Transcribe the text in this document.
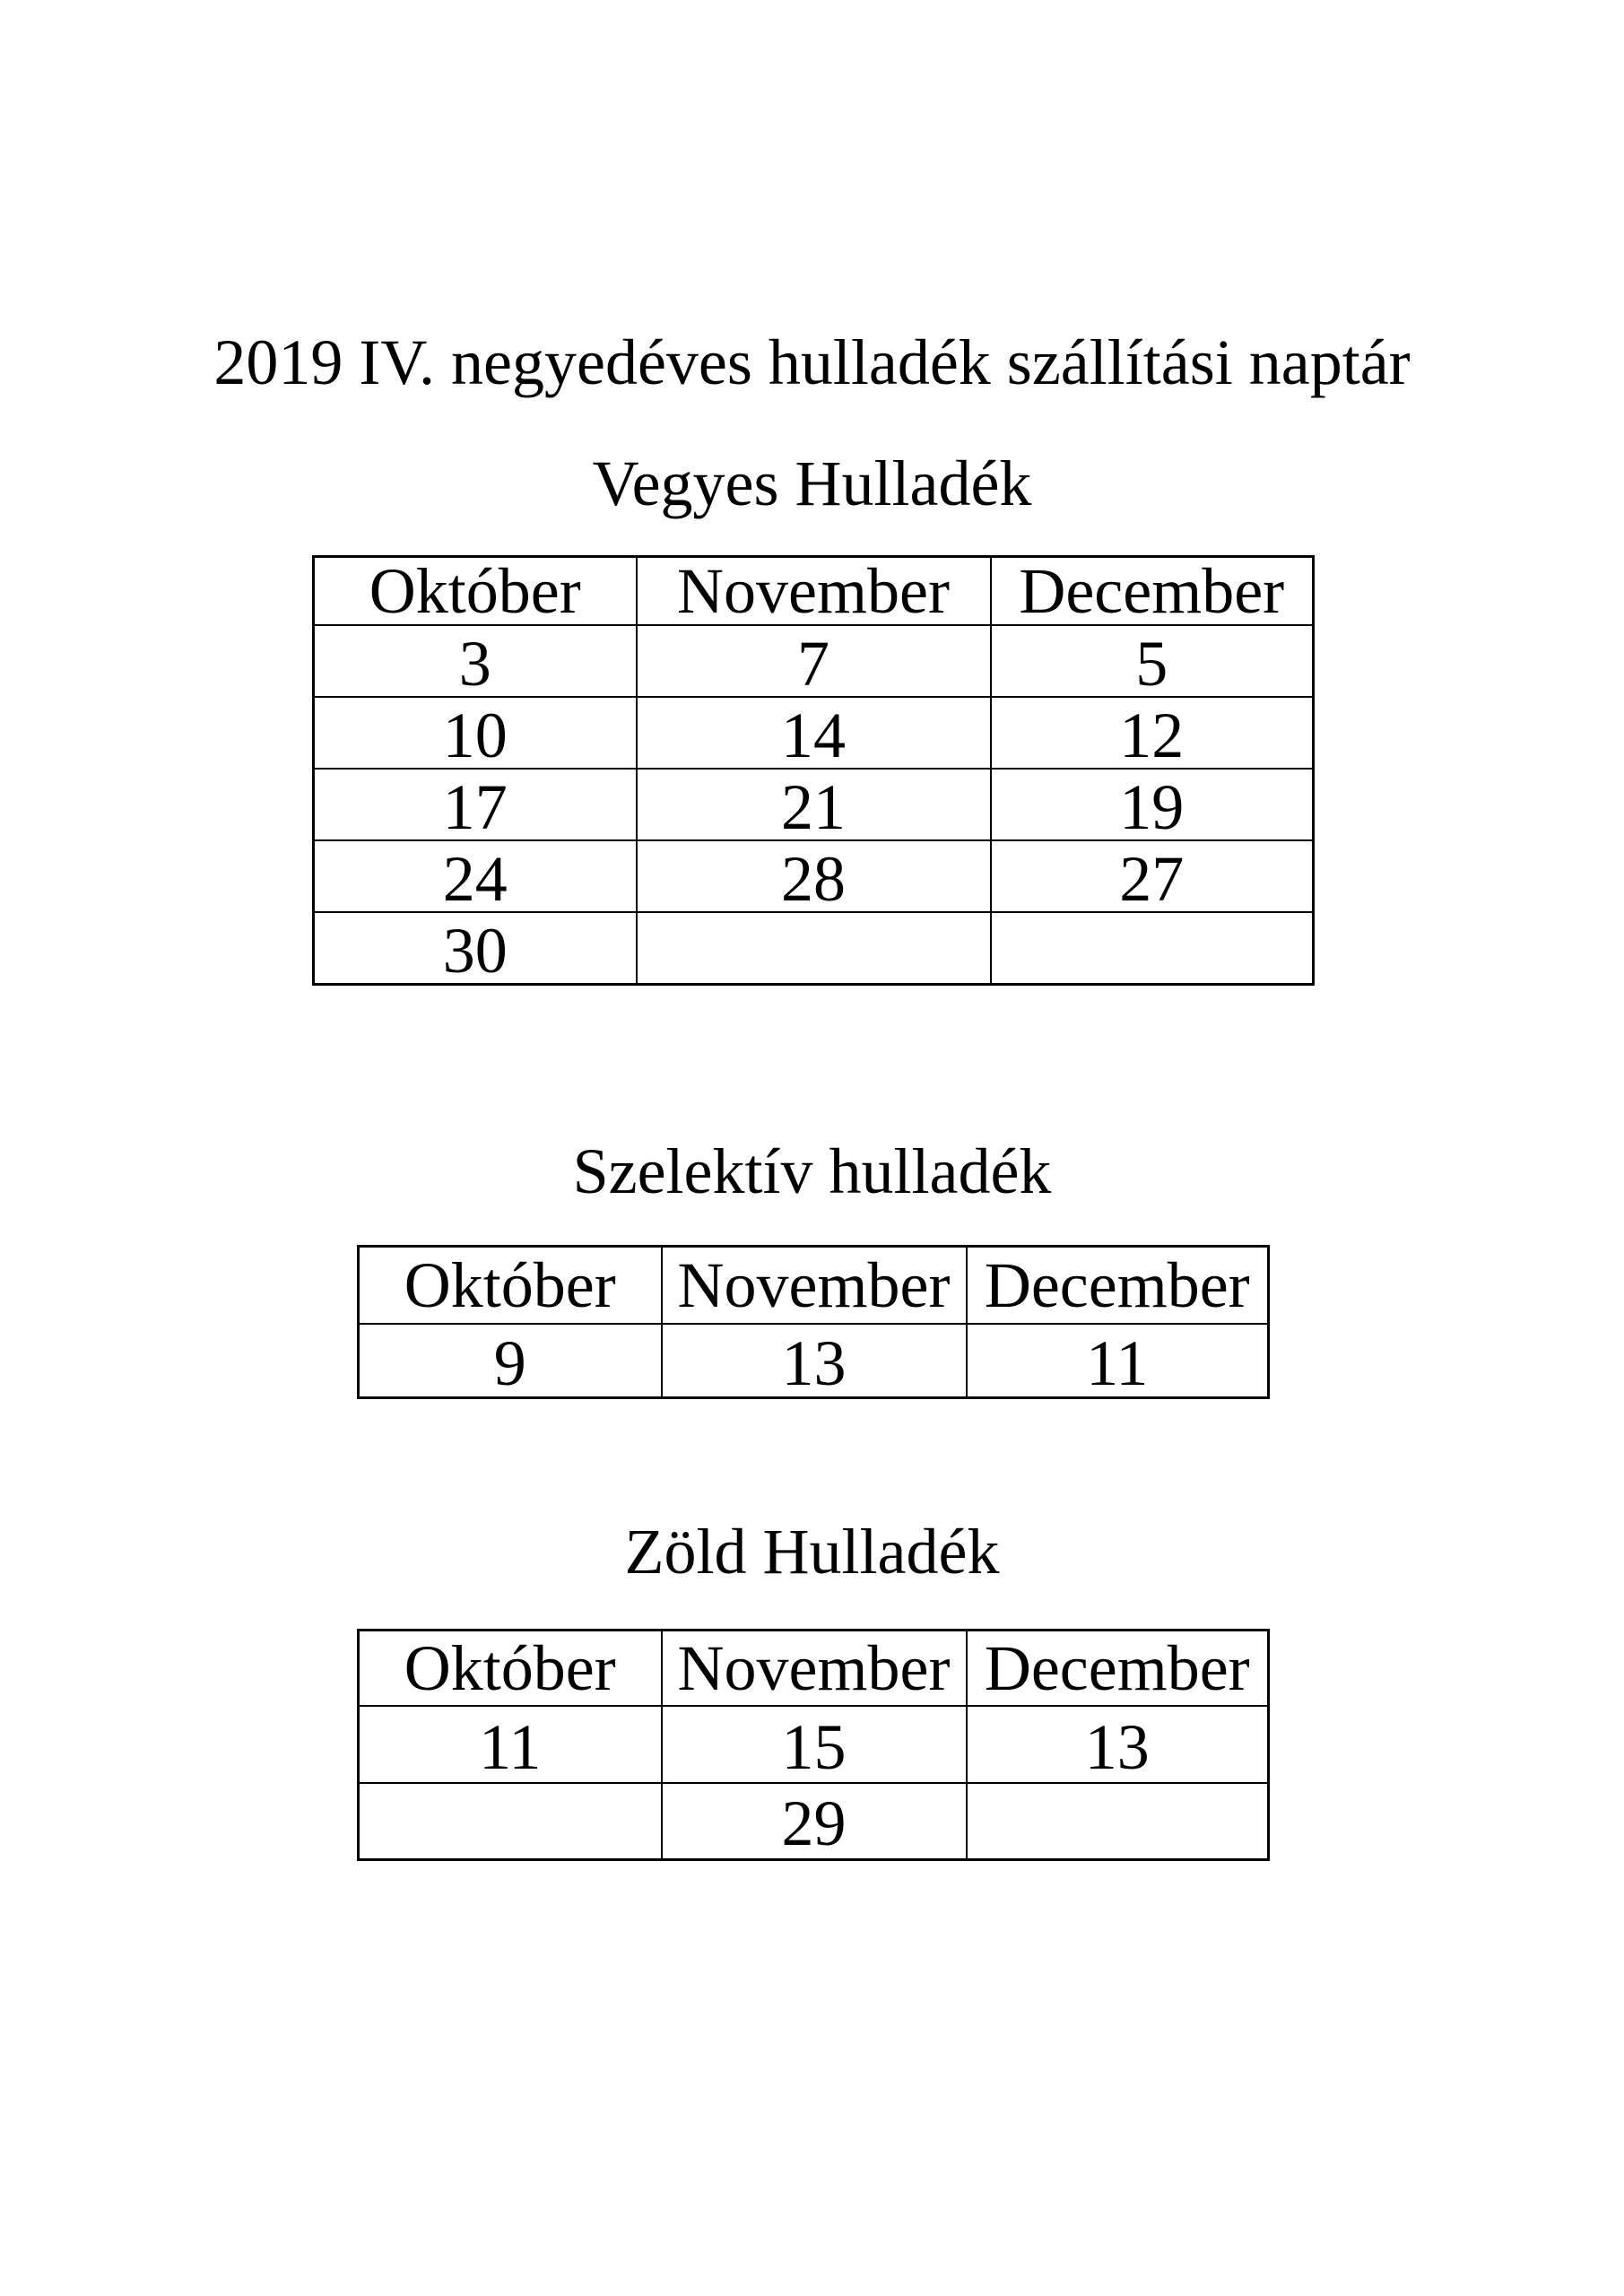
2019 IV. negyedéves hulladék szállítási naptár
Vegyes Hulladék
Október	November	December
3	7	5
10	14	12
17	21	19
24	28	27
30		
Szelektív hulladék
Október	November	December
9	13	11
Zöld Hulladék
Október	November	December
11	15	13
	29	
